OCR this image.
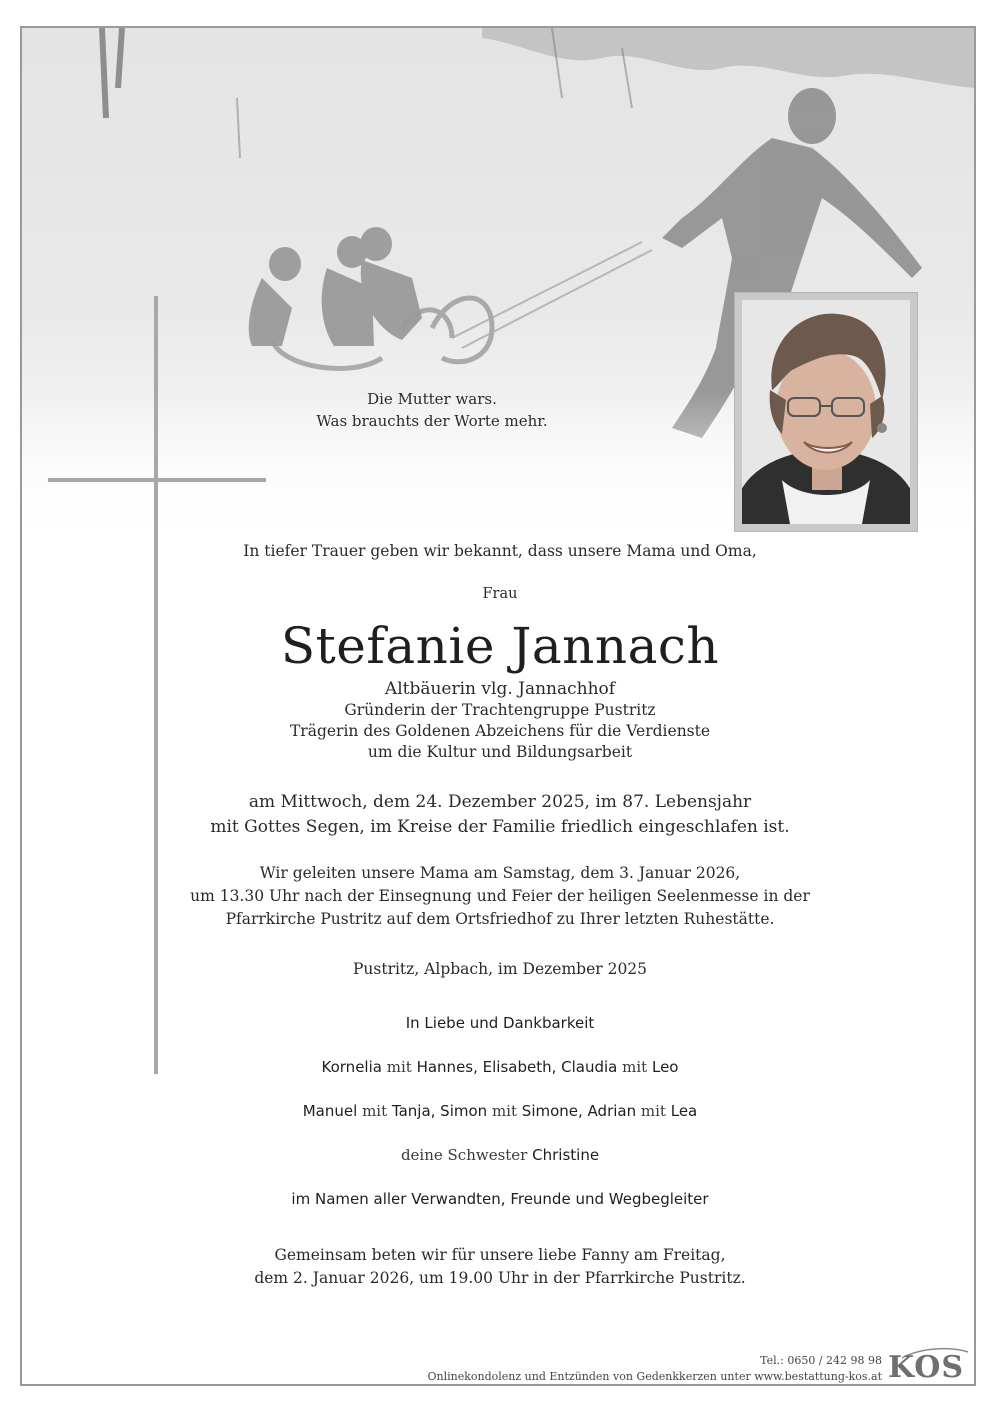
Die Mutter wars.
Was brauchts der Worte mehr.
In tiefer Trauer geben wir bekannt, dass unsere Mama und Oma,
Frau
Stefanie Jannach
Altbäuerin vlg. Jannachhof
Gründerin der Trachtengruppe Pustritz
Trägerin des Goldenen Abzeichens für die Verdienste
um die Kultur und Bildungsarbeit
am Mittwoch, dem 24. Dezember 2025, im 87. Lebensjahr
mit Gottes Segen, im Kreise der Familie friedlich eingeschlafen ist.
Wir geleiten unsere Mama am Samstag, dem 3. Januar 2026,
um 13.30 Uhr nach der Einsegnung und Feier der heiligen Seelenmesse in der
Pfarrkirche Pustritz auf dem Ortsfriedhof zu Ihrer letzten Ruhestätte.
Pustritz, Alpbach, im Dezember 2025
In Liebe und Dankbarkeit
Kornelia mit Hannes, Elisabeth, Claudia mit Leo
Manuel mit Tanja, Simon mit Simone, Adrian mit Lea
deine Schwester Christine
im Namen aller Verwandten, Freunde und Wegbegleiter
Gemeinsam beten wir für unsere liebe Fanny am Freitag,
dem 2. Januar 2026, um 19.00 Uhr in der Pfarrkirche Pustritz.
Tel.: 0650 / 242 98 98
Onlinekondolenz und Entzünden von Gedenkkerzen unter www.bestattung-kos.at KOS
